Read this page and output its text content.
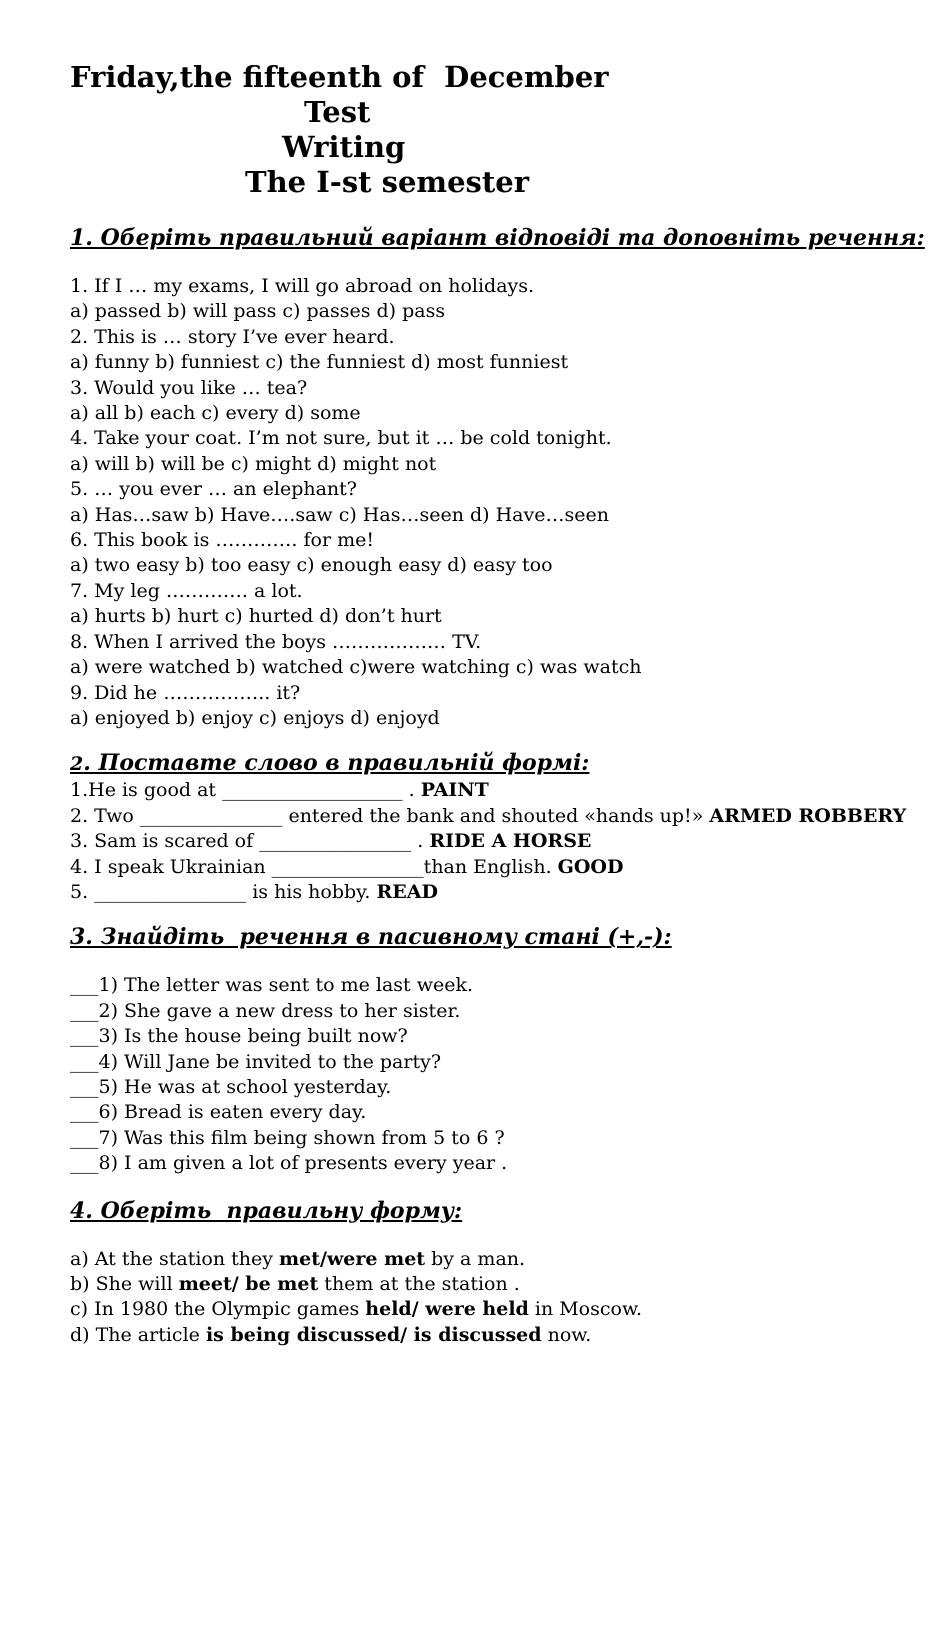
Friday,the fifteenth of  December
Test
Writing
The I-st semester
1. Оберіть правильний варіант відповіді та доповніть речення:
1. If I … my exams, I will go abroad on holidays.
a) passed b) will pass c) passes d) pass
2. This is … story I’ve ever heard.
a) funny b) funniest c) the funniest d) most funniest
3. Would you like … tea?
a) all b) each c) every d) some
4. Take your coat. I’m not sure, but it … be cold tonight.
a) will b) will be c) might d) might not
5. … you ever … an elephant?
a) Has…saw b) Have….saw c) Has…seen d) Have…seen
6. This book is …………. for me!
a) two easy b) too easy c) enough easy d) easy too
7. My leg …………. a lot.
a) hurts b) hurt c) hurted d) don’t hurt
8. When I arrived the boys ……………… TV.
a) were watched b) watched c)were watching c) was watch
9. Did he …………….. it?
a) enjoyed b) enjoy c) enjoys d) enjoyd
2. Поставте слово в правильній формі:
1.He is good at ___________________ . PAINT
2. Two _______________ entered the bank and shouted «hands up!» ARMED ROBBERY
3. Sam is scared of ________________ . RIDE A HORSE
4. I speak Ukrainian ________________than English. GOOD
5. ________________ is his hobby. READ
3. Знайдіть  речення в пасивному стані (+,-):
___1) The letter was sent to me last week.
___2) She gave a new dress to her sister.
___3) Is the house being built now?
___4) Will Jane be invited to the party?
___5) He was at school yesterday.
___6) Bread is eaten every day.
___7) Was this film being shown from 5 to 6 ?
___8) I am given a lot of presents every year .
4. Оберіть  правильну форму:
a) At the station they met/were met by a man.
b) She will meet/ be met them at the station .
c) In 1980 the Olympic games held/ were held in Moscow.
d) The article is being discussed/ is discussed now.
